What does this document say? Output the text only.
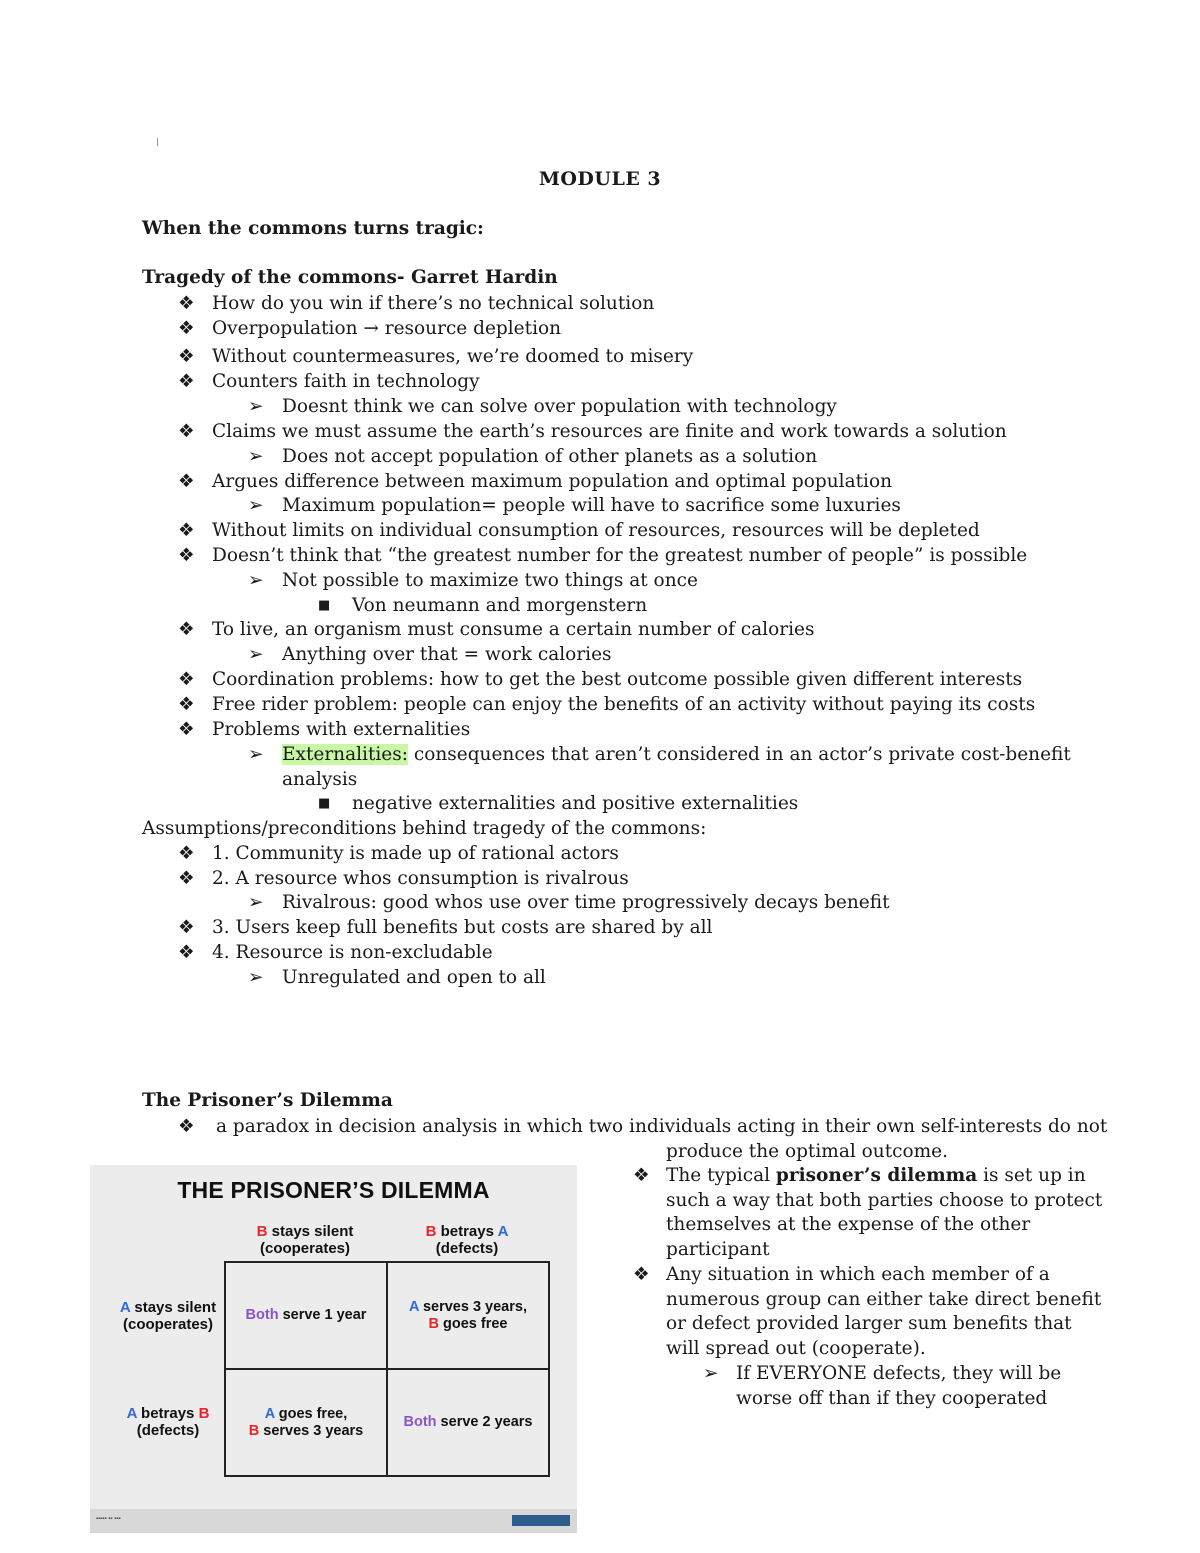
MODULE 3
When the commons turns tragic:
Tragedy of the commons- Garret Hardin
❖ How do you win if there’s no technical solution
❖ Overpopulation → resource depletion
❖ Without countermeasures, we’re doomed to misery
❖ Counters faith in technology
➢ Doesnt think we can solve over population with technology
❖ Claims we must assume the earth’s resources are finite and work towards a solution
➢ Does not accept population of other planets as a solution
❖ Argues difference between maximum population and optimal population
➢ Maximum population= people will have to sacrifice some luxuries
❖ Without limits on individual consumption of resources, resources will be depleted
❖ Doesn’t think that “the greatest number for the greatest number of people” is possible
➢ Not possible to maximize two things at once
■ Von neumann and morgenstern
❖ To live, an organism must consume a certain number of calories
➢ Anything over that = work calories
❖ Coordination problems: how to get the best outcome possible given different interests
❖ Free rider problem: people can enjoy the benefits of an activity without paying its costs
❖ Problems with externalities
➢ Externalities: consequences that aren’t considered in an actor’s private cost-benefit
analysis
■ negative externalities and positive externalities
Assumptions/preconditions behind tragedy of the commons:
❖ 1. Community is made up of rational actors
❖ 2. A resource whos consumption is rivalrous
➢ Rivalrous: good whos use over time progressively decays benefit
❖ 3. Users keep full benefits but costs are shared by all
❖ 4. Resource is non-excludable
➢ Unregulated and open to all
The Prisoner’s Dilemma
❖ a paradox in decision analysis in which two individuals acting in their own self-interests do not
produce the optimal outcome.
❖ The typical prisoner’s dilemma is set up in
such a way that both parties choose to protect
themselves at the expense of the other
participant
❖ Any situation in which each member of a
numerous group can either take direct benefit
or defect provided larger sum benefits that
will spread out (cooperate).
➢ If EVERYONE defects, they will be
worse off than if they cooperated
THE PRISONER’S DILEMMA
B stays silent
(cooperates)
B betrays A
(defects)
A stays silent
(cooperates)
A betrays B
(defects)
Both serve 1 year
A serves 3 years,
B goes free
A goes free,
B serves 3 years
Both serve 2 years
▪▪▪▪▪ ▪▪ ▪▪▪
